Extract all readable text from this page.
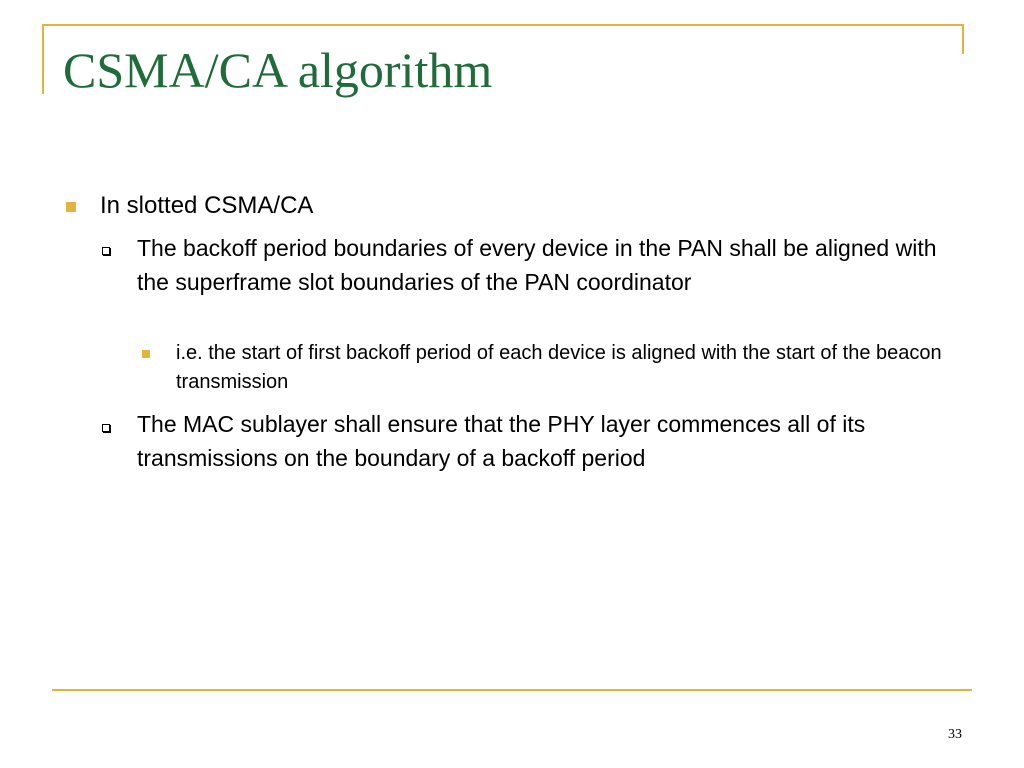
CSMA/CA algorithm
In slotted CSMA/CA
The backoff period boundaries of every device in the PAN shall be aligned with the superframe slot boundaries of the PAN coordinator
i.e. the start of first backoff period of each device is aligned with the start of the beacon transmission
The MAC sublayer shall ensure that the PHY layer commences all of its transmissions on the boundary of a backoff period
33
